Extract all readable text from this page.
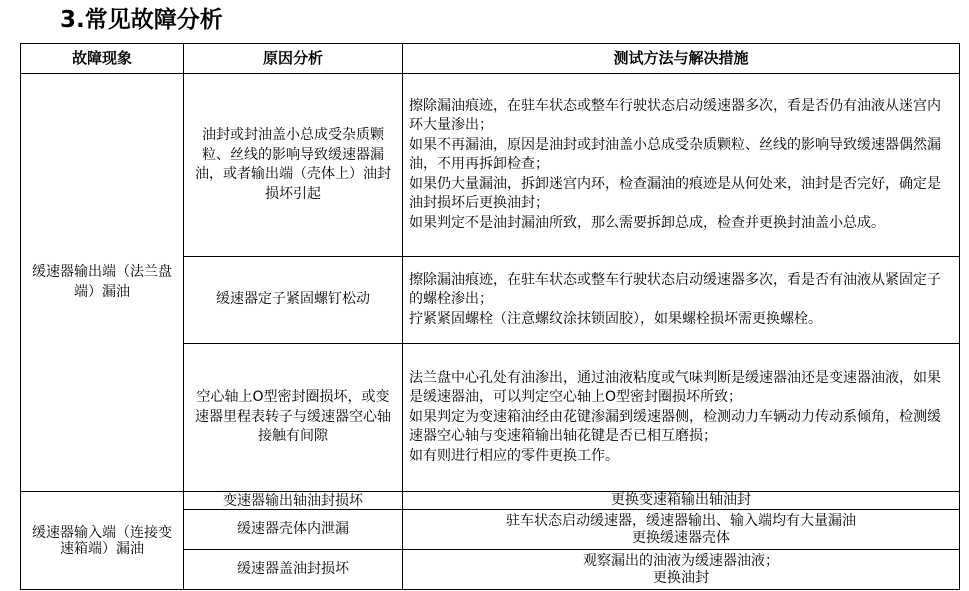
3.常见故障分析
故障现象	原因分析	测试方法与解决措施
缓速器输出端（法兰盘端）漏油	油封或封油盖小总成受杂质颗粒、丝线的影响导致缓速器漏油，或者输出端（壳体上）油封损坏引起	擦除漏油痕迹，在驻车状态或整车行驶状态启动缓速器多次，看是否仍有油液从迷宫内环大量渗出；
如果不再漏油，原因是油封或封油盖小总成受杂质颗粒、丝线的影响导致缓速器偶然漏油，不用再拆卸检查；
如果仍大量漏油，拆卸迷宫内环，检查漏油的痕迹是从何处来，油封是否完好，确定是油封损坏后更换油封；
如果判定不是油封漏油所致，那么需要拆卸总成，检查并更换封油盖小总成。

	缓速器定子紧固螺钉松动	擦除漏油痕迹，在驻车状态或整车行驶状态启动缓速器多次，看是否有油液从紧固定子的螺栓渗出；
拧紧紧固螺栓（注意螺纹涂抹锁固胶），如果螺栓损坏需更换螺栓。

	空心轴上O型密封圈损坏，或变速器里程表转子与缓速器空心轴接触有间隙	法兰盘中心孔处有油渗出，通过油液粘度或气味判断是缓速器油还是变速器油液，如果是缓速器油，可以判定空心轴上O型密封圈损坏所致；
如果判定为变速箱油经由花键渗漏到缓速器侧，检测动力车辆动力传动系倾角，检测缓速器空心轴与变速箱输出轴花键是否已相互磨损；
如有则进行相应的零件更换工作。

缓速器输入端（连接变速箱端）漏油	变速器输出轴油封损坏	更换变速箱输出轴油封

	缓速器壳体内泄漏	驻车状态启动缓速器，缓速器输出、输入端均有大量漏油
更换缓速器壳体

	缓速器盖油封损坏	观察漏出的油液为缓速器油液；
更换油封
